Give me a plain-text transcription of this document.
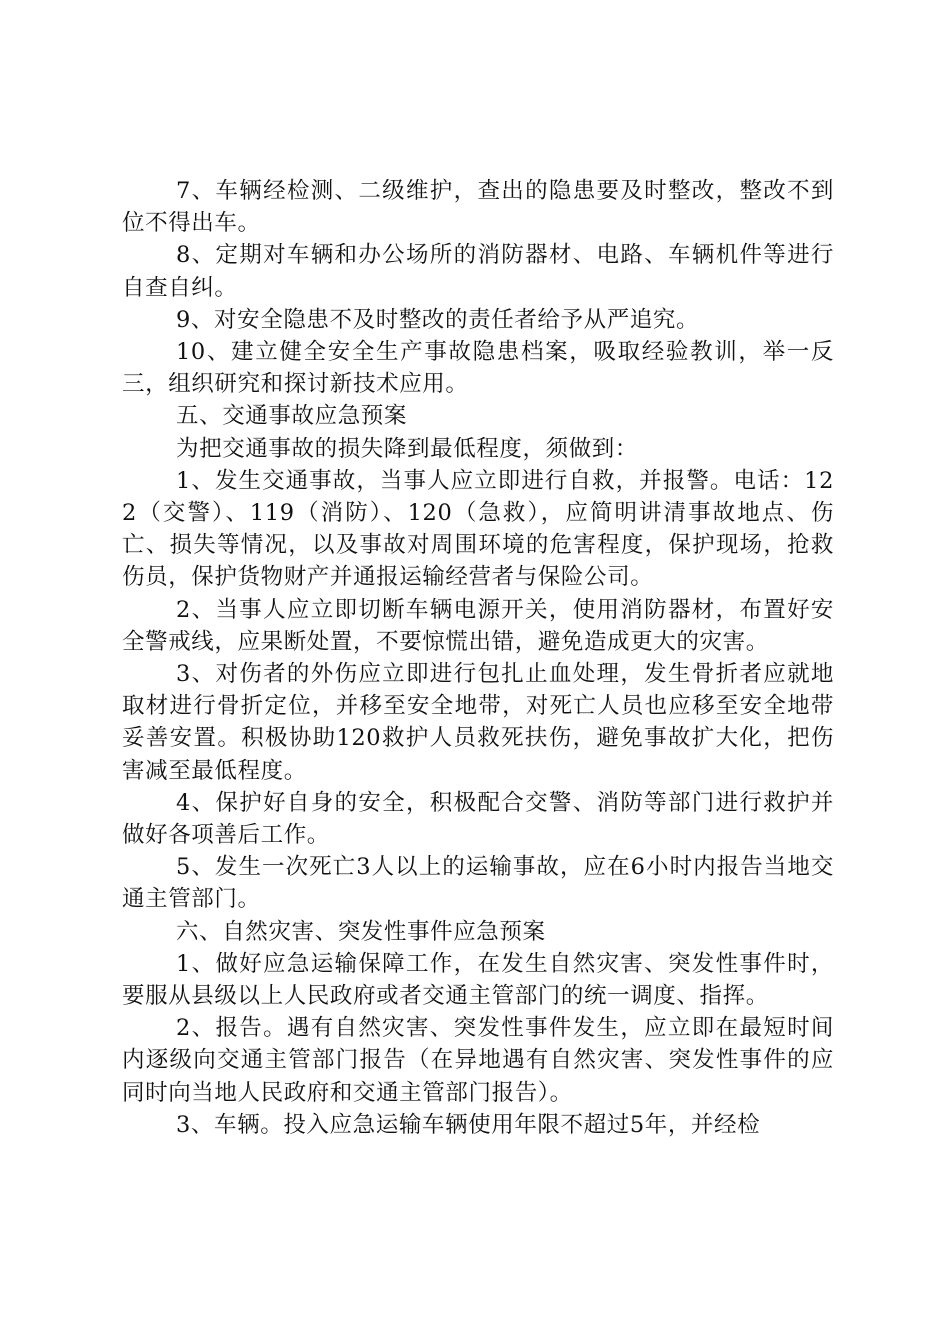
7、车辆经检测、二级维护，查出的隐患要及时整改，整改不到位不得出车。

8、定期对车辆和办公场所的消防器材、电路、车辆机件等进行自查自纠。

9、对安全隐患不及时整改的责任者给予从严追究。

10、建立健全安全生产事故隐患档案，吸取经验教训，举一反三，组织研究和探讨新技术应用。

五、交通事故应急预案

为把交通事故的损失降到最低程度，须做到：

1、发生交通事故，当事人应立即进行自救，并报警。电话：122（交警）、119（消防）、120（急救），应简明讲清事故地点、伤亡、损失等情况，以及事故对周围环境的危害程度，保护现场，抢救伤员，保护货物财产并通报运输经营者与保险公司。

2、当事人应立即切断车辆电源开关，使用消防器材，布置好安全警戒线，应果断处置，不要惊慌出错，避免造成更大的灾害。

3、对伤者的外伤应立即进行包扎止血处理，发生骨折者应就地取材进行骨折定位，并移至安全地带，对死亡人员也应移至安全地带妥善安置。积极协助120救护人员救死扶伤，避免事故扩大化，把伤害减至最低程度。

4、保护好自身的安全，积极配合交警、消防等部门进行救护并做好各项善后工作。

5、发生一次死亡3人以上的运输事故，应在6小时内报告当地交通主管部门。

六、自然灾害、突发性事件应急预案

1、做好应急运输保障工作，在发生自然灾害、突发性事件时，要服从县级以上人民政府或者交通主管部门的统一调度、指挥。

2、报告。遇有自然灾害、突发性事件发生，应立即在最短时间内逐级向交通主管部门报告（在异地遇有自然灾害、突发性事件的应同时向当地人民政府和交通主管部门报告）。

3、车辆。投入应急运输车辆使用年限不超过5年，并经检
